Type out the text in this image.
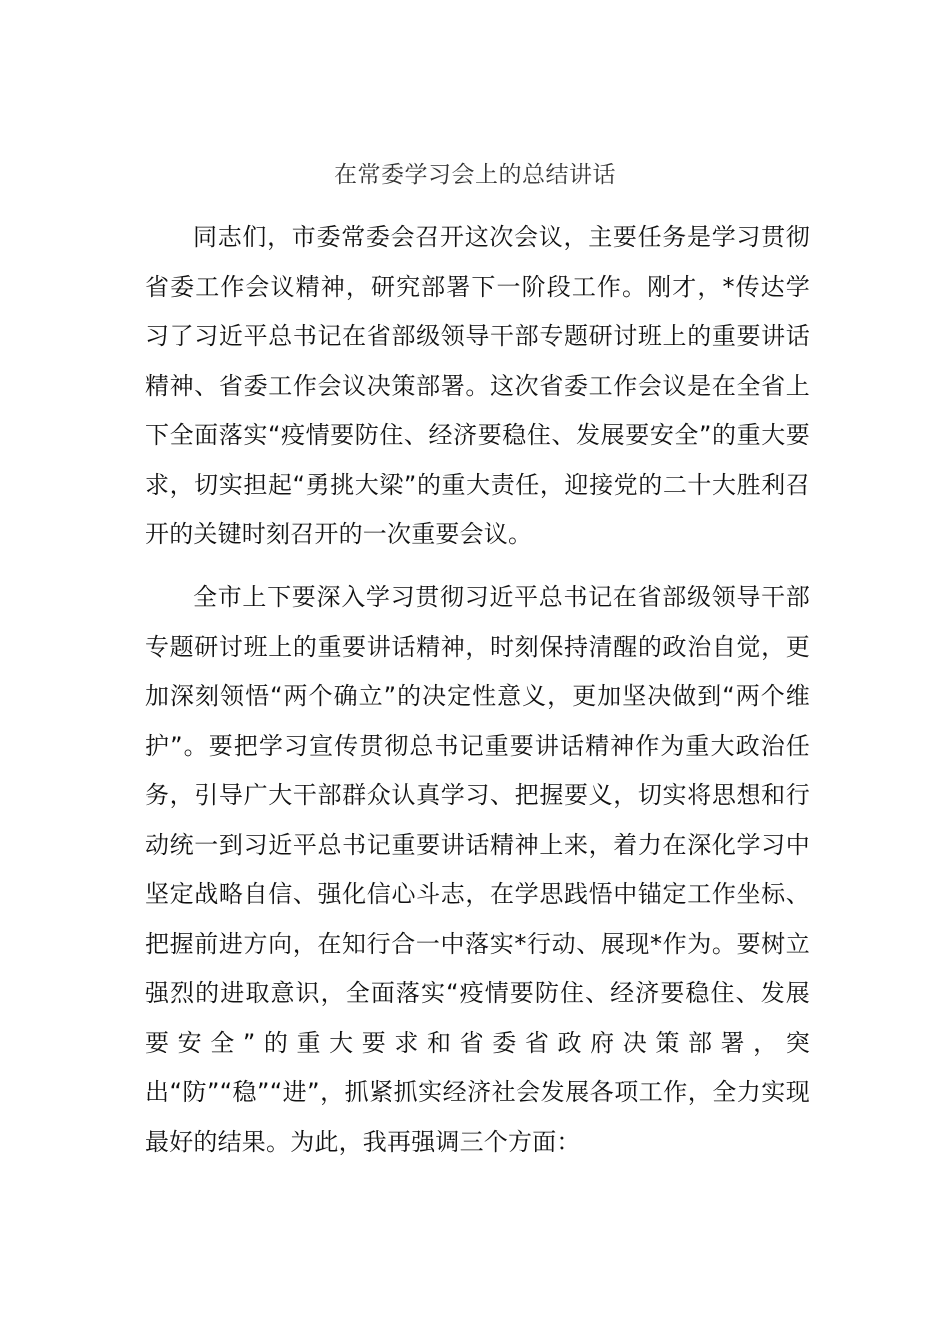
在常委学习会上的总结讲话

同志们，市委常委会召开这次会议，主要任务是学习贯彻省委工作会议精神，研究部署下一阶段工作。刚才，*传达学习了习近平总书记在省部级领导干部专题研讨班上的重要讲话精神、省委工作会议决策部署。这次省委工作会议是在全省上下全面落实“疫情要防住、经济要稳住、发展要安全”的重大要求，切实担起“勇挑大梁”的重大责任，迎接党的二十大胜利召开的关键时刻召开的一次重要会议。

全市上下要深入学习贯彻习近平总书记在省部级领导干部专题研讨班上的重要讲话精神，时刻保持清醒的政治自觉，更加深刻领悟“两个确立”的决定性意义，更加坚决做到“两个维护”。要把学习宣传贯彻总书记重要讲话精神作为重大政治任务，引导广大干部群众认真学习、把握要义，切实将思想和行动统一到习近平总书记重要讲话精神上来，着力在深化学习中坚定战略自信、强化信心斗志，在学思践悟中锚定工作坐标、把握前进方向，在知行合一中落实*行动、展现*作为。要树立强烈的进取意识，全面落实“疫情要防住、经济要稳住、发展要安全”的重大要求和省委省政府决策部署，突出“防”“稳”“进”，抓紧抓实经济社会发展各项工作，全力实现最好的结果。为此，我再强调三个方面：
